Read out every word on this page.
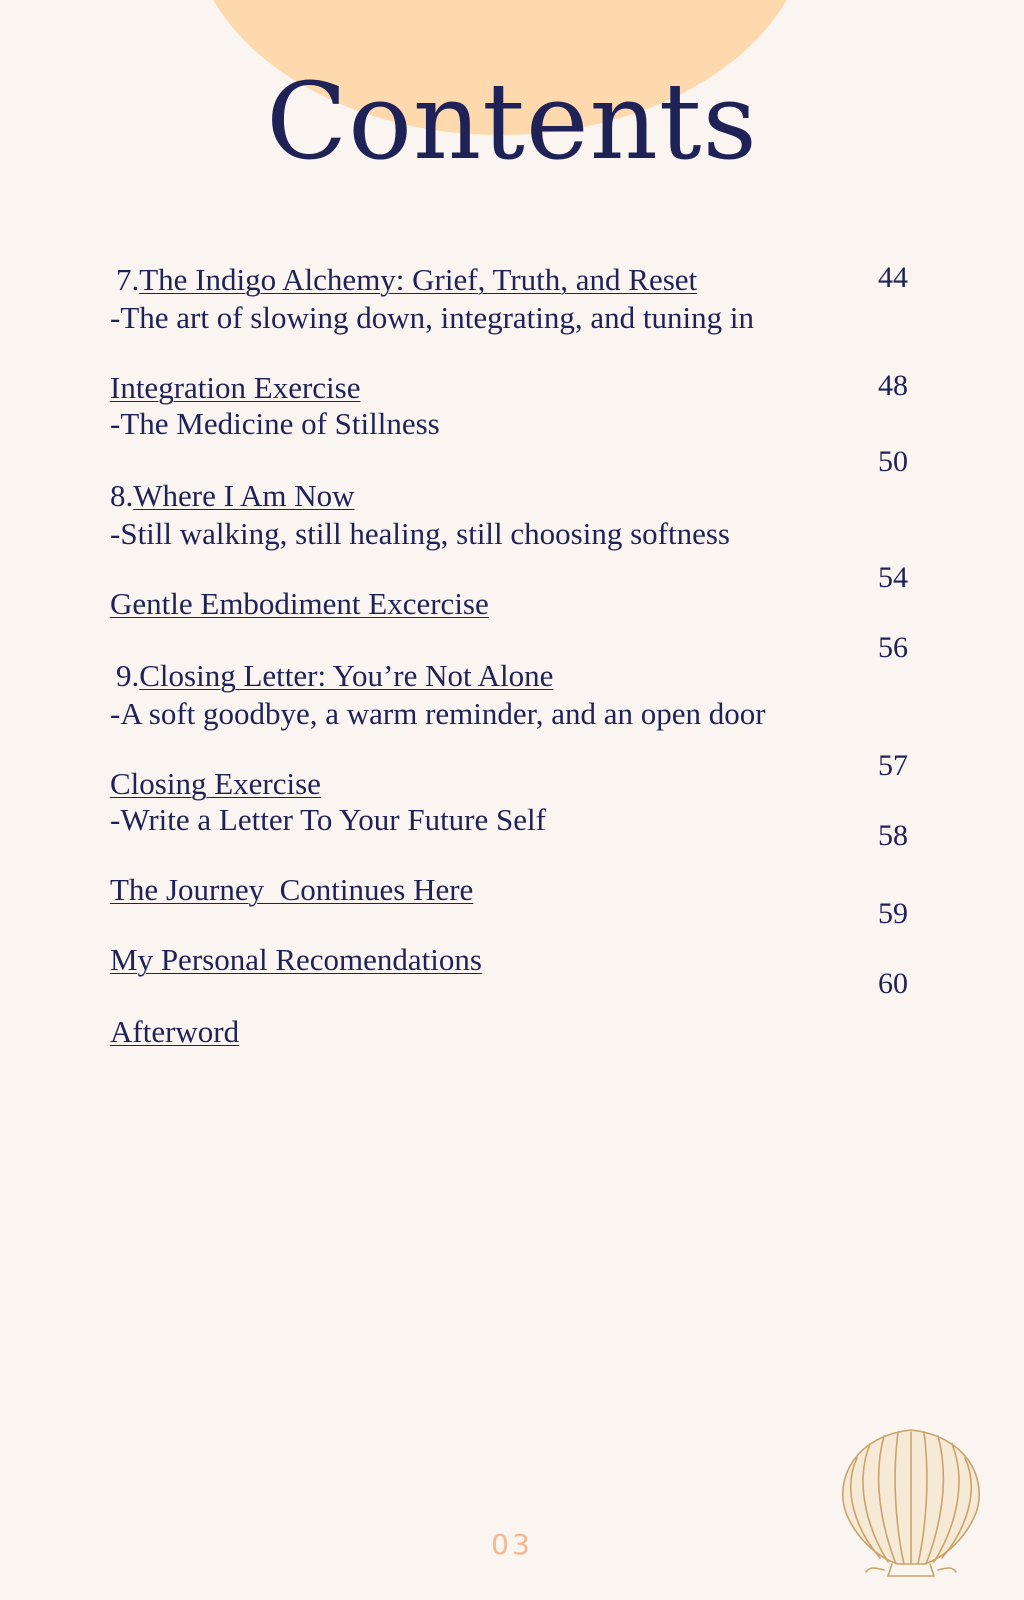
Contents
7.The Indigo Alchemy: Grief, Truth, and Reset
-The art of slowing down, integrating, and tuning in
Integration Exercise
-The Medicine of Stillness
8.Where I Am Now
-Still walking, still healing, still choosing softness
Gentle Embodiment Excercise
9.Closing Letter: You’re Not Alone
-A soft goodbye, a warm reminder, and an open door
Closing Exercise
-Write a Letter To Your Future Self
The Journey  Continues Here
My Personal Recomendations
Afterword
44
48
50
54
56
57
58
59
60
03
